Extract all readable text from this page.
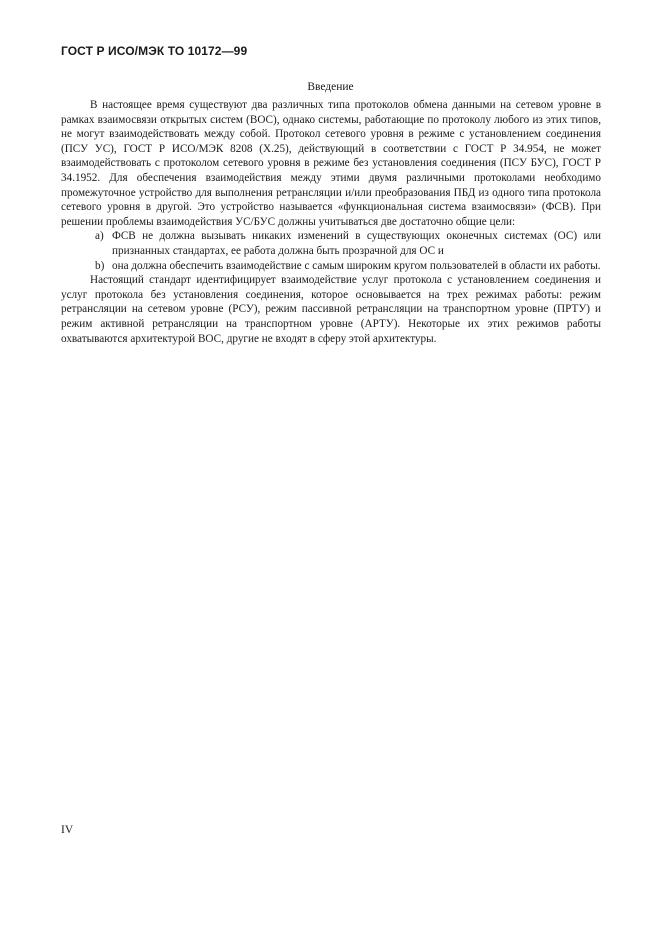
ГОСТ Р ИСО/МЭК ТО 10172—99
Введение

В настоящее время существуют два различных типа протоколов обмена данными на сетевом уровне в рамках взаимосвязи открытых систем (ВОС), однако системы, работающие по протоколу любого из этих типов, не могут взаимодействовать между собой. Протокол сетевого уровня в режиме с установлением соединения (ПСУ УС), ГОСТ Р ИСО/МЭК 8208 (Х.25), действующий в соответствии с ГОСТ Р 34.954, не может взаимодействовать с протоколом сетевого уровня в режиме без установления соединения (ПСУ БУС), ГОСТ Р 34.1952. Для обеспечения взаимодействия между этими двумя различными протоколами необходимо промежуточное устройство для выполнения ретрансляции и/или преобразования ПБД из одного типа протокола сетевого уровня в другой. Это устройство называется «функциональная система взаимосвязи» (ФСВ). При решении проблемы взаимодействия УС/БУС должны учитываться две достаточно общие цели:

a) ФСВ не должна вызывать никаких изменений в существующих оконечных системах (ОС) или признанных стандартах, ее работа должна быть прозрачной для ОС и
b) она должна обеспечить взаимодействие с самым широким кругом пользователей в области их работы.

Настоящий стандарт идентифицирует взаимодействие услуг протокола с установлением соединения и услуг протокола без установления соединения, которое основывается на трех режимах работы: режим ретрансляции на сетевом уровне (РСУ), режим пассивной ретрансляции на транспортном уровне (ПРТУ) и режим активной ретрансляции на транспортном уровне (АРТУ). Некоторые их этих режимов работы охватываются архитектурой ВОС, другие не входят в сферу этой архитектуры.

IV
